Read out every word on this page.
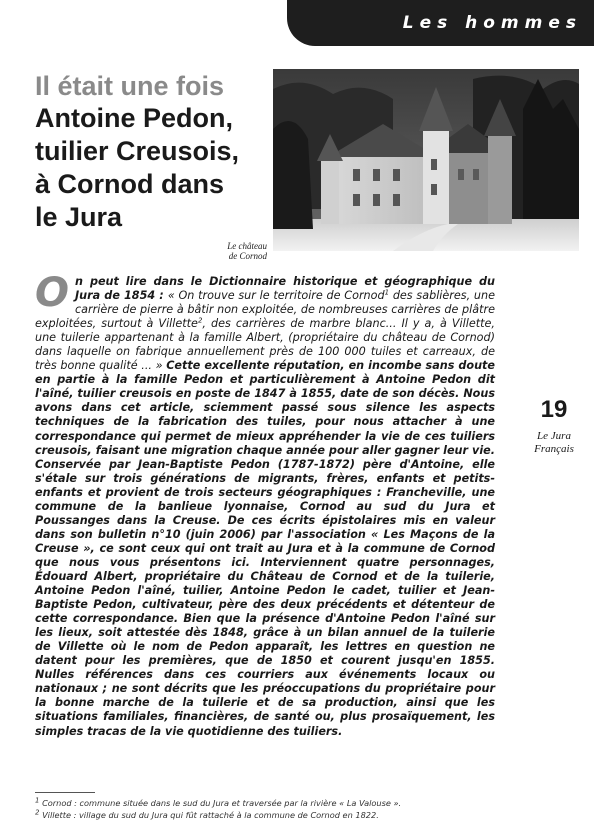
Les hommes

Il était une fois

Antoine Pedon,
tuilier Creusois,
à Cornod dans
le Jura

Le château
de Cornod

On peut lire dans le Dictionnaire historique et géographique du Jura de 1854 : « On trouve sur le territoire de Cornod$^1$ des sablières, une carrière de pierre à bâtir non exploitée, de nombreuses carrières de plâtre exploitées, surtout à Villette$^2$, des carrières de marbre blanc... Il y a, à Villette, une tuilerie appartenant à la famille Albert, (propriétaire du château de Cornod) dans laquelle on fabrique annuellement près de 100 000 tuiles et carreaux, de très bonne qualité ... » Cette excellente réputation, en incombe sans doute en partie à la famille Pedon et particulièrement à Antoine Pedon dit l'aîné, tuilier creusois en poste de 1847 à 1855, date de son décès. Nous avons dans cet article, sciemment passé sous silence les aspects techniques de la fabrication des tuiles, pour nous attacher à une correspondance qui permet de mieux appréhender la vie de ces tuiliers creusois, faisant une migration chaque année pour aller gagner leur vie. Conservée par Jean-Baptiste Pedon (1787-1872) père d'Antoine, elle s'étale sur trois générations de migrants, frères, enfants et petits-enfants et provient de trois secteurs géographiques : Francheville, une commune de la banlieue lyonnaise, Cornod au sud du Jura et Poussanges dans la Creuse. De ces écrits épistolaires mis en valeur dans son bulletin n°10 (juin 2006) par l'association « Les Maçons de la Creuse », ce sont ceux qui ont trait au Jura et à la commune de Cornod que nous vous présentons ici. Interviennent quatre personnages, Édouard Albert, propriétaire du Château de Cornod et de la tuilerie, Antoine Pedon l'aîné, tuilier, Antoine Pedon le cadet, tuilier et Jean-Baptiste Pedon, cultivateur, père des deux précédents et détenteur de cette correspondance. Bien que la présence d'Antoine Pedon l'aîné sur les lieux, soit attestée dès 1848, grâce à un bilan annuel de la tuilerie de Villette où le nom de Pedon apparaît, les lettres en question ne datent pour les premières, que de 1850 et courent jusqu'en 1855. Nulles références dans ces courriers aux événements locaux ou nationaux ; ne sont décrits que les préoccupations du propriétaire pour la bonne marche de la tuilerie et de sa production, ainsi que les situations familiales, financières, de santé ou, plus prosaïquement, les simples tracas de la vie quotidienne des tuiliers.

19
Le Jura
Français
$^1$ Cornod : commune située dans le sud du Jura et traversée par la rivière « La Valouse ».
$^2$ Villette : village du sud du Jura qui fût rattaché à la commune de Cornod en 1822.
